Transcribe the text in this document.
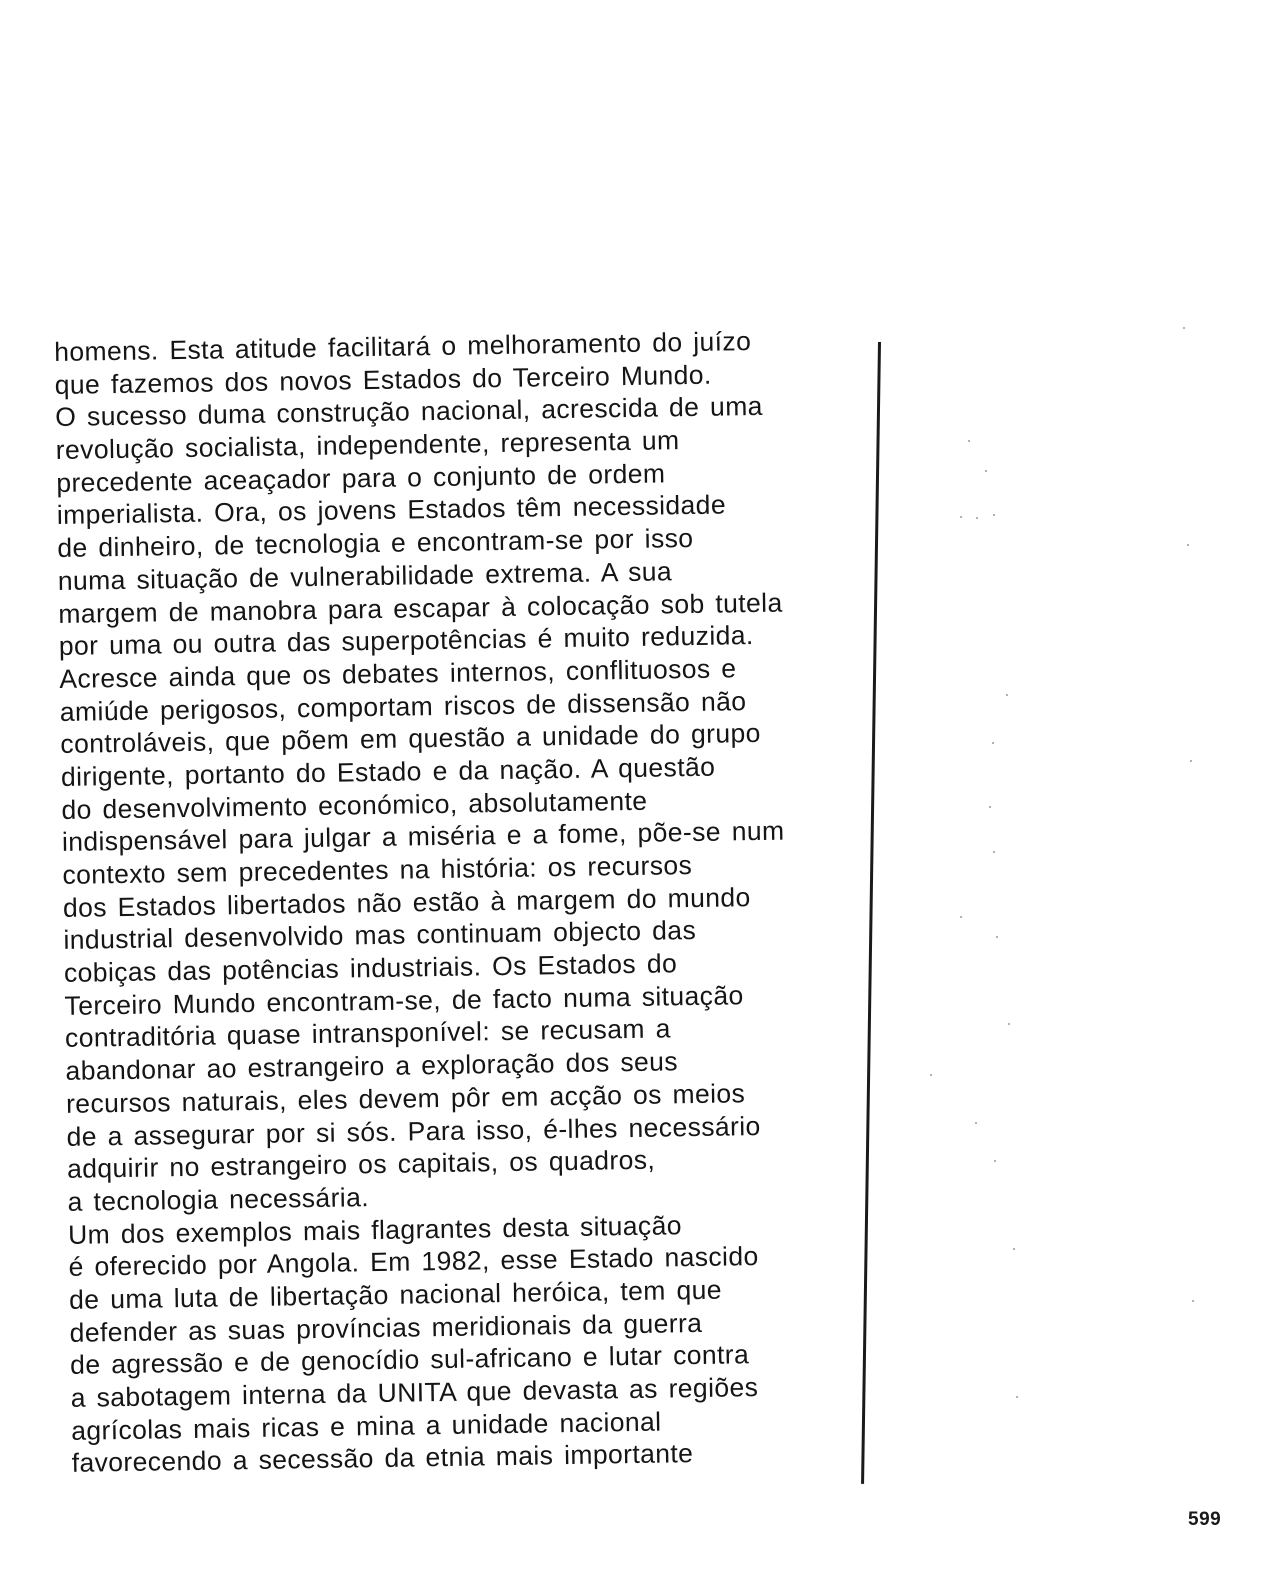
homens. Esta atitude facilitará o melhoramento do juízo
que fazemos dos novos Estados do Terceiro Mundo.
O sucesso duma construção nacional, acrescida de uma
revolução socialista, independente, representa um
precedente aceaçador para o conjunto de ordem
imperialista. Ora, os jovens Estados têm necessidade
de dinheiro, de tecnologia e encontram-se por isso
numa situação de vulnerabilidade extrema. A sua
margem de manobra para escapar à colocação sob tutela
por uma ou outra das superpotências é muito reduzida.
Acresce ainda que os debates internos, conflituosos e
amiúde perigosos, comportam riscos de dissensão não
controláveis, que põem em questão a unidade do grupo
dirigente, portanto do Estado e da nação. A questão
do desenvolvimento económico, absolutamente
indispensável para julgar a miséria e a fome, põe-se num
contexto sem precedentes na história: os recursos
dos Estados libertados não estão à margem do mundo
industrial desenvolvido mas continuam objecto das
cobiças das potências industriais. Os Estados do
Terceiro Mundo encontram-se, de facto numa situação
contraditória quase intransponível: se recusam a
abandonar ao estrangeiro a exploração dos seus
recursos naturais, eles devem pôr em acção os meios
de a assegurar por si sós. Para isso, é-lhes necessário
adquirir no estrangeiro os capitais, os quadros,
a tecnologia necessária.
Um dos exemplos mais flagrantes desta situação
é oferecido por Angola. Em 1982, esse Estado nascido
de uma luta de libertação nacional heróica, tem que
defender as suas províncias meridionais da guerra
de agressão e de genocídio sul-africano e lutar contra
a sabotagem interna da UNITA que devasta as regiões
agrícolas mais ricas e mina a unidade nacional
favorecendo a secessão da etnia mais importante
599
